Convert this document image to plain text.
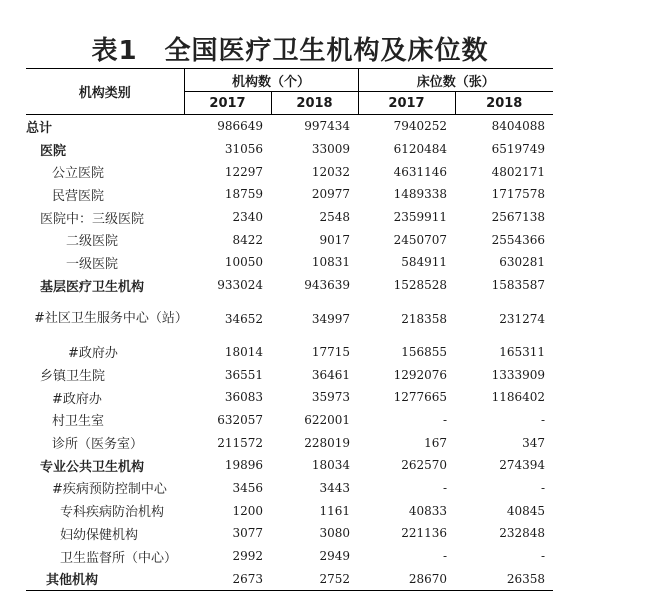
表1　全国医疗卫生机构及床位数
机构类别	机构数（个）		床位数（张）	
	2017	2018	2017	2018
总计	986649	997434	7940252	8404088
医院	31056	33009	6120484	6519749
公立医院	12297	12032	4631146	4802171
民营医院	18759	20977	1489338	1717578
医院中：三级医院	2340	2548	2359911	2567138
二级医院	8422	9017	2450707	2554366
一级医院	10050	10831	584911	630281
基层医疗卫生机构	933024	943639	1528528	1583587
#社区卫生服务中心（站）	34652	34997	218358	231274
#政府办	18014	17715	156855	165311
乡镇卫生院	36551	36461	1292076	1333909
#政府办	36083	35973	1277665	1186402
村卫生室	632057	622001	-	-
诊所（医务室）	211572	228019	167	347
专业公共卫生机构	19896	18034	262570	274394
#疾病预防控制中心	3456	3443	-	-
专科疾病防治机构	1200	1161	40833	40845
妇幼保健机构	3077	3080	221136	232848
卫生监督所（中心）	2992	2949	-	-
其他机构	2673	2752	28670	26358
